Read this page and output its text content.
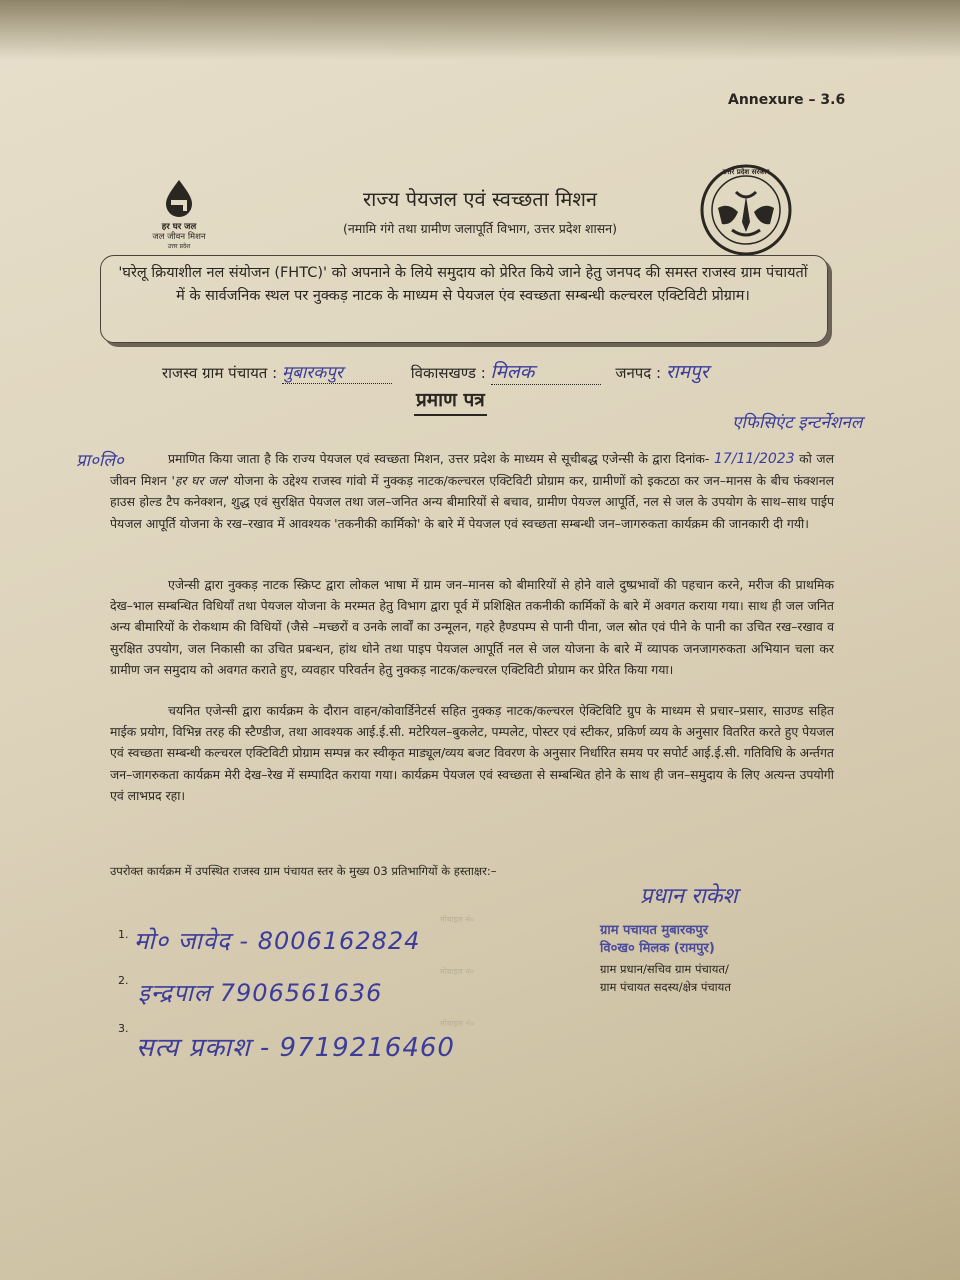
Annexure – 3.6
हर घर जल
जल जीवन मिशन
उत्तर प्रदेश
उत्तर प्रदेश सरकार
राज्य पेयजल एवं स्वच्छता मिशन
(नमामि गंगे तथा ग्रामीण जलापूर्ति विभाग, उत्तर प्रदेश शासन)
'घरेलू क्रियाशील नल संयोजन (FHTC)' को अपनाने के लिये समुदाय को प्रेरित किये जाने हेतु जनपद की समस्त राजस्व ग्राम पंचायतों में के सार्वजनिक स्थल पर नुक्कड़ नाटक के माध्यम से पेयजल एंव स्वच्छता सम्बन्धी कल्चरल एक्टिविटी प्रोग्राम।
राजस्व ग्राम पंचायत : मुबारकपुर	विकासखण्ड : मिलक	जनपद : रामपुर
प्रमाण पत्र
एफिसिएंट इन्टर्नेशनल
प्रा०लि०	प्रमाणित किया जाता है कि राज्य पेयजल एवं स्वच्छता मिशन, उत्तर प्रदेश के माध्यम से सूचीबद्ध एजेन्सी के द्वारा दिनांक- 17/11/2023 को जल जीवन मिशन 'हर घर जल' योजना के उद्देश्य राजस्व गांवो में नुक्कड़ नाटक/कल्चरल एक्टिविटी प्रोग्राम कर, ग्रामीणों को इकटठा कर जन–मानस के बीच फंक्शनल हाउस होल्ड टैप कनेक्शन, शुद्ध एवं सुरक्षित पेयजल तथा जल–जनित अन्य बीमारियों से बचाव, ग्रामीण पेयज्ल आपूर्ति, नल से जल के उपयोग के साथ–साथ पाईप पेयजल आपूर्ति योजना के रख–रखाव में आवश्यक 'तकनीकी कार्मिको' के बारे में पेयजल एवं स्वच्छता सम्बन्धी जन–जागरुकता कार्यक्रम की जानकारी दी गयी।
एजेन्सी द्वारा नुक्कड़ नाटक स्क्रिप्ट द्वारा लोकल भाषा में ग्राम जन–मानस को बीमारियों से होने वाले दुष्प्रभावों की पहचान करने, मरीज की प्राथमिक देख–भाल सम्बन्धित विधियाँ तथा पेयजल योजना के मरम्मत हेतु विभाग द्वारा पूर्व में प्रशिक्षित तकनीकी कार्मिकों के बारे में अवगत कराया गया। साथ ही जल जनित अन्य बीमारियों के रोकथाम की विधियों (जैसे –मच्छरों व उनके लार्वों का उन्मूलन, गहरे हैण्डपम्प से पानी पीना, जल स्रोत एवं पीने के पानी का उचित रख–रखाव व सुरक्षित उपयोग, जल निकासी का उचित प्रबन्धन, हांथ धोने तथा पाइप पेयजल आपूर्ति नल से जल योजना के बारे में व्यापक जनजागरुकता अभियान चला कर ग्रामीण जन समुदाय को अवगत कराते हुए, व्यवहार परिवर्तन हेतु नुक्कड़ नाटक/कल्चरल एक्टिविटी प्रोग्राम कर प्रेरित किया गया।
चयनित एजेन्सी द्वारा कार्यक्रम के दौरान वाहन/कोवार्डिनेटर्स सहित नुक्कड़ नाटक/कल्चरल ऐक्टिविटि ग्रुप के माध्यम से प्रचार–प्रसार, साउण्ड सहित माईक प्रयोग, विभिन्न तरह की स्टैण्डीज, तथा आवश्यक आई.ई.सी. मटेरियल–बुकलेट, पम्पलेट, पोस्टर एवं स्टीकर, प्रकिर्ण व्यय के अनुसार वितरित करते हुए पेयजल एवं स्वच्छता सम्बन्धी कल्चरल एक्टिविटी प्रोग्राम सम्पन्न कर स्वीकृत माड्यूल/व्यय बजट विवरण के अनुसार निर्धारित समय पर सपोर्ट आई.ई.सी. गतिविधि के अर्न्तगत जन–जागरुकता कार्यक्रम मेरी देख–रेख में सम्पादित कराया गया। कार्यक्रम पेयजल एवं स्वच्छता से सम्बन्धित होने के साथ ही जन–समुदाय के लिए अत्यन्त उपयोगी एवं लाभप्रद रहा।
उपरोक्त कार्यक्रम में उपस्थित राजस्व ग्राम पंचायत स्तर के मुख्य 03 प्रतिभागियों के हस्ताक्षर:–
मोबाइल नं०
मोबाइल नं०
मोबाइल नं०
1. मो० जावेद - 8006162824
2. इन्द्रपाल 7906561636
3.
सत्य प्रकाश - 9719216460
प्रधान राकेश
ग्राम पचायत मुबारकपुर
वि०ख० मिलक (रामपुर)
ग्राम प्रधान/सचिव ग्राम पंचायत/
ग्राम पंचायत सदस्य/क्षेत्र पंचायत
